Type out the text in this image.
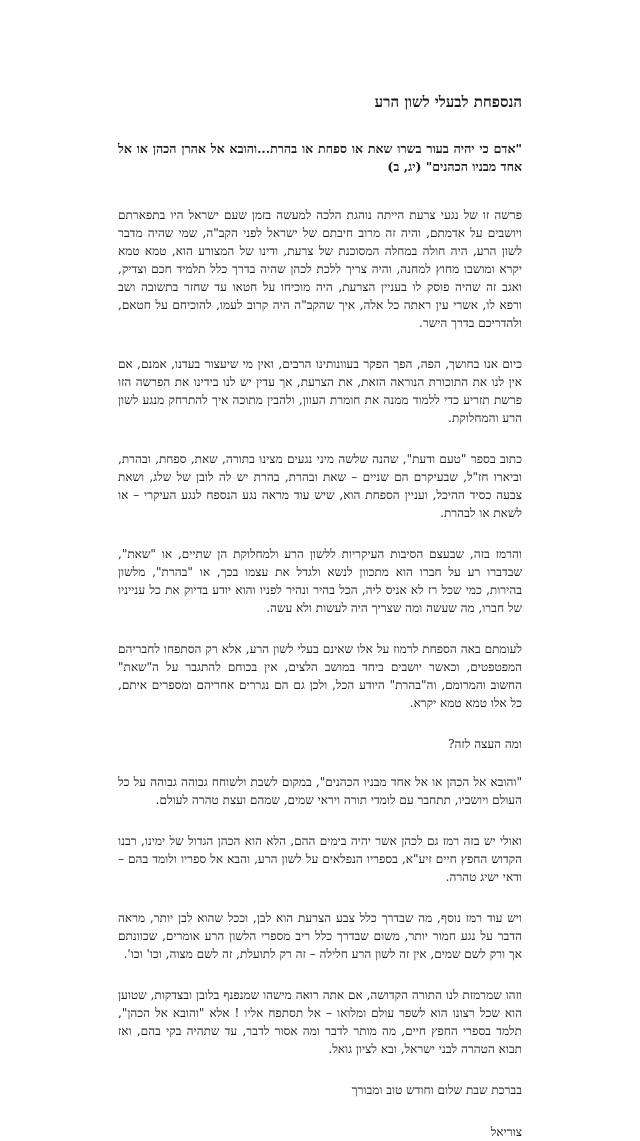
הנספחת לבעלי לשון הרע
"אדם כי יהיה בעור בשרו שאת או ספחת או בהרת...והובא אל אהרן הכהן או אל אחד מבניו הכהנים" (יג, ב)

פרשה זו של נגעי צרעת הייתה נוהגת הלכה למעשה בזמן שעם ישראל היו בתפארתם ויושבים על אדמתם, והיה זה מרוב חיבתם של ישראל לפני הקב"ה, שמי שהיה מדבר לשון הרע, היה חולה במחלה המסוכנת של צרעת, ודינו של המצורע הוא, טמא טמא יקרא ומושבו מחוץ למחנה, והיה צריך ללכת לכהן שהיה בדרך כלל תלמיד חכם וצדיק, ואגב זה שהיה פוסק לו בעניין הצרעת, היה מוכיחו על חטאו עד שחזר בתשובה ושב ורפא לו, אשרי עין ראתה כל אלה, איך שהקב"ה היה קרוב לעמו, להוכיחם על חטאם, ולהדריכם בדרך הישר.

כיום אנו בחושך, הפה, הפך הפקר בעוונותינו הרבים, ואין מי שיעצור בעדנו, אמנם, אם אין לנו את התוכורת הנוראה הזאת, את הצרעת, אך עדין יש לנו בידינו את הפרשה הזו פרשת תזריע כדי ללמוד ממנה את חומרת העוון, ולהבין מתוכה איך להתרחק מנגע לשון הרע והמחלוקת.

כתוב בספר "טעם ודעת", שהנה שלשה מיני נגעים מצינו בתורה, שאת, ספחת, ובהרת, וביארו חז"ל, שבעיקרם הם שניים – שאת ובהרת, בהרת יש לה לובן של שלג, ושאת צבעה כסיד ההיכל, ועניין הספחת הוא, שיש עוד מראה נגע הנספח לנגע העיקרי – או לשאת או לבהרת.

והרמז בזה, שבעצם הסיבות העיקריות ללשון הרע ולמחלוקת הן שתיים, או "שאת", שבדברו רע על חברו הוא מתכוון לנשא ולגדל את עצמו בכך, או "בהרת", מלשון בהירות, כמי שכל רז לא אניס ליה, הכל בהיר ונהיר לפניו והוא יודע בדיוק את כל ענייניו של חברו, מה שעשה ומה שצריך היה לעשות ולא עשה.

לעומתם באה הספחת לרמוז על אלו שאינם בעלי לשון הרע, אלא רק הסתפחו לחבריהם המפטפטים, וכאשר יושבים ביחד במושב הלצים, אין בכוחם להתגבר על ה"שאת" החשוב והמרומם, וה"בהרת" היודע הכל, ולכן גם הם נגררים אחריהם ומספרים איתם, כל אלו טמא טמא יקרא.

ומה העצה לזה?

"והובא אל הכהן או אל אחד מבניו הכהנים", במקום לשבת ולשוחח גבוהה גבוהה על כל העולם ויושביו, תתחבר עם לומדי תורה ויראי שמים, שמהם ועצת טהרה לעולם.

ואולי יש בזה רמז גם לכהן אשר יהיה בימים ההם, הלא הוא הכהן הגדול של ימינו, רבנו הקדוש החפץ חיים זיע"א, בספריו הנפלאים על לשון הרע, והבא אל ספריו ולומד בהם – ודאי ישיג טהרה.

ויש עוד רמז נוסף, מה שבדרך כלל צבע הצרעת הוא לבן, וככל שהוא לבן יותר, מראה הדבר על נגע חמור יותר, משום שבדרך כלל ריב מספרי הלשון הרע אומרים, שכוונתם אך ורק לשם שמים, אין זה לשון הרע חלילה – זה רק לתועלת, זה לשם מצוה, וכו' וכו'.

וזהו שמרמזת לנו התורה הקדושה, אם אתה רואה מישהו שמנפנף בלובן ובצדקות, שטוען הוא שכל רצונו הוא לשפר עולם ומלואו – אל תסתפח אליו ! אלא "והובא אל הכהן", תלמד בספרי החפץ חיים, מה מותר לדבר ומה אסור לדבר, עד שתהיה בקי בהם, ואז תבוא הטהרה לבני ישראל, ובא לציון גואל.

בברכת שבת שלום וחודש טוב ומבורך
צוריאל
